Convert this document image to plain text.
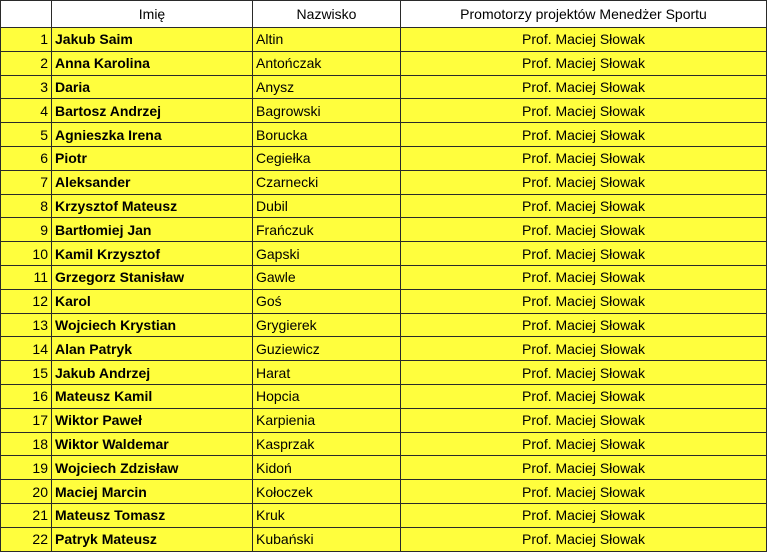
	Imię	Nazwisko	Promotorzy projektów Menedżer Sportu
1	Jakub Saim	Altin	Prof. Maciej Słowak
2	Anna Karolina	Antończak	Prof. Maciej Słowak
3	Daria	Anysz	Prof. Maciej Słowak
4	Bartosz Andrzej	Bagrowski	Prof. Maciej Słowak
5	Agnieszka Irena	Borucka	Prof. Maciej Słowak
6	Piotr	Cegiełka	Prof. Maciej Słowak
7	Aleksander	Czarnecki	Prof. Maciej Słowak
8	Krzysztof Mateusz	Dubil	Prof. Maciej Słowak
9	Bartłomiej Jan	Frańczuk	Prof. Maciej Słowak
10	Kamil Krzysztof	Gapski	Prof. Maciej Słowak
11	Grzegorz Stanisław	Gawle	Prof. Maciej Słowak
12	Karol	Goś	Prof. Maciej Słowak
13	Wojciech Krystian	Grygierek	Prof. Maciej Słowak
14	Alan Patryk	Guziewicz	Prof. Maciej Słowak
15	Jakub Andrzej	Harat	Prof. Maciej Słowak
16	Mateusz Kamil	Hopcia	Prof. Maciej Słowak
17	Wiktor Paweł	Karpienia	Prof. Maciej Słowak
18	Wiktor Waldemar	Kasprzak	Prof. Maciej Słowak
19	Wojciech Zdzisław	Kidoń	Prof. Maciej Słowak
20	Maciej Marcin	Kołoczek	Prof. Maciej Słowak
21	Mateusz Tomasz	Kruk	Prof. Maciej Słowak
22	Patryk Mateusz	Kubański	Prof. Maciej Słowak
